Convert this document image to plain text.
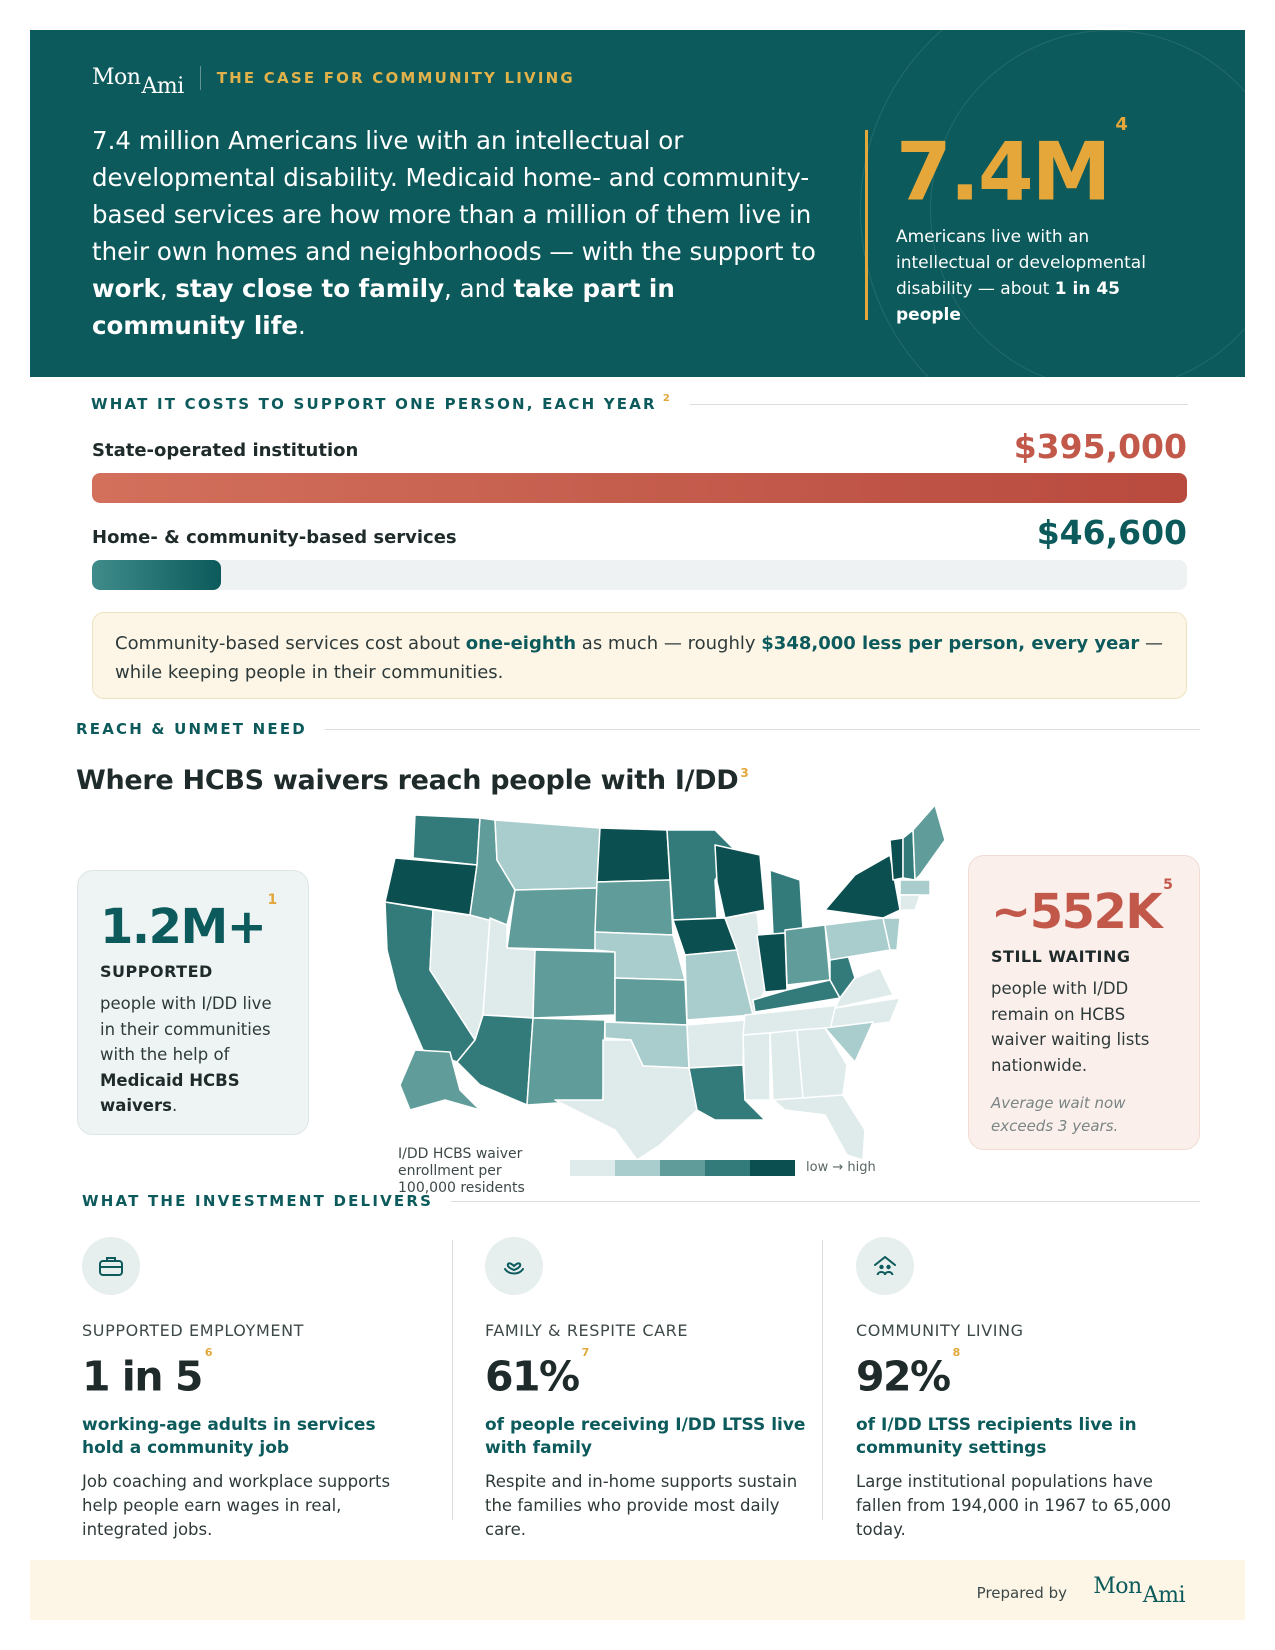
MonAmi THE CASE FOR COMMUNITY LIVING
7.4 million Americans live with an intellectual or developmental disability. Medicaid home- and community-based services are how more than a million of them live in their own homes and neighborhoods — with the support to work, stay close to family, and take part in community life.
$7.4M^4$
Americans live with an intellectual or developmental disability — about 1 in 45 people
WHAT IT COSTS TO SUPPORT ONE PERSON, EACH YEAR 2
State-operated institution	$395,000
Home- & community-based services	$46,600
Community-based services cost about one-eighth as much — roughly $348,000 less per person, every year — while keeping people in their communities.
REACH & UNMET NEED
Where HCBS waivers reach people with I/DD $^3$
1.2M+ $^1$
SUPPORTED
people with I/DD live in their communities with the help of Medicaid HCBS waivers.
~552K $^5$
STILL WAITING
people with I/DD remain on HCBS waiver waiting lists nationwide.
Average wait now exceeds 3 years.
I/DD HCBS waiver enrollment per 100,000 residents
low → high
WHAT THE INVESTMENT DELIVERS
SUPPORTED EMPLOYMENT
1 in $5^6$
working-age adults in services hold a community job
Job coaching and workplace supports help people earn wages in real, integrated jobs.
FAMILY & RESPITE CARE
61%$^7$
of people receiving I/DD LTSS live with family
Respite and in-home supports sustain the families who provide most daily care.
COMMUNITY LIVING
92%$^8$
of I/DD LTSS recipients live in community settings
Large institutional populations have fallen from 194,000 in 1967 to 65,000 today.
Prepared by MonAmi
